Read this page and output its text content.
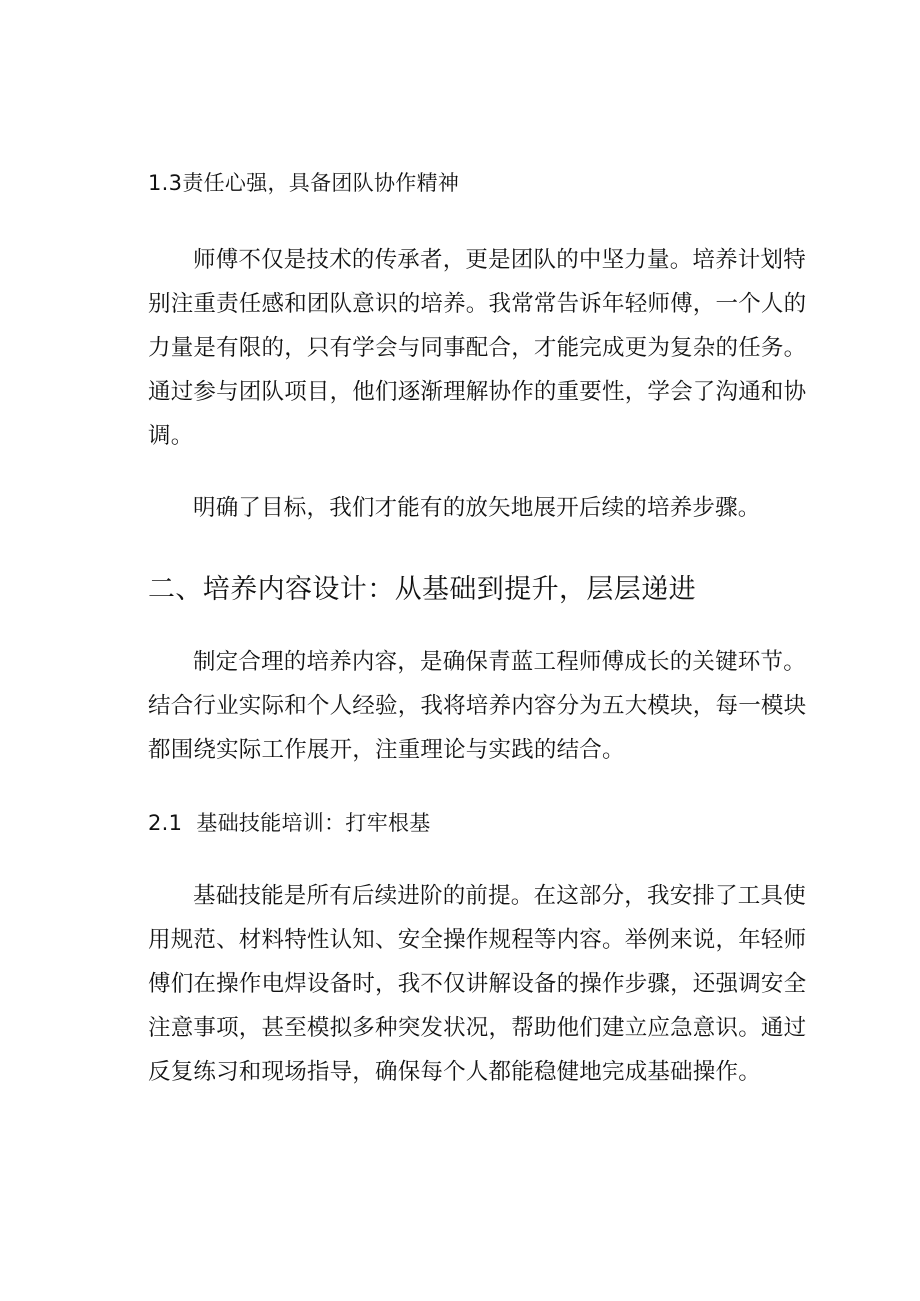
1.3责任心强，具备团队协作精神

师傅不仅是技术的传承者，更是团队的中坚力量。培养计划特别注重责任感和团队意识的培养。我常常告诉年轻师傅，一个人的力量是有限的，只有学会与同事配合，才能完成更为复杂的任务。通过参与团队项目，他们逐渐理解协作的重要性，学会了沟通和协调。

明确了目标，我们才能有的放矢地展开后续的培养步骤。

二、培养内容设计：从基础到提升，层层递进

制定合理的培养内容，是确保青蓝工程师傅成长的关键环节。结合行业实际和个人经验，我将培养内容分为五大模块，每一模块都围绕实际工作展开，注重理论与实践的结合。

2.1 基础技能培训：打牢根基

基础技能是所有后续进阶的前提。在这部分，我安排了工具使用规范、材料特性认知、安全操作规程等内容。举例来说，年轻师傅们在操作电焊设备时，我不仅讲解设备的操作步骤，还强调安全注意事项，甚至模拟多种突发状况，帮助他们建立应急意识。通过反复练习和现场指导，确保每个人都能稳健地完成基础操作。
